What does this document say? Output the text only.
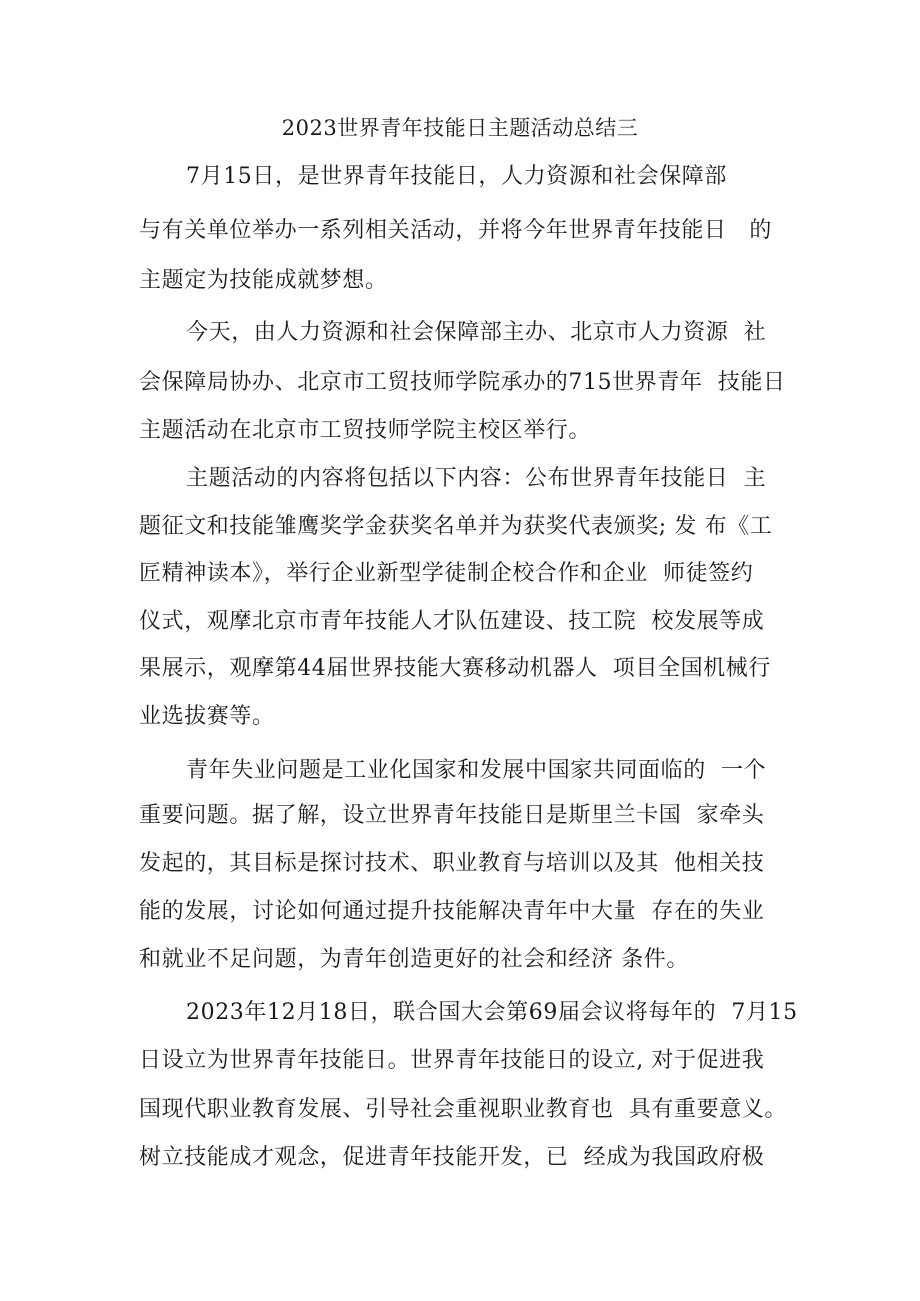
2023世界青年技能日主题活动总结三
7月15日，是世界青年技能日，人力资源和社会保障部
与有关单位举办一系列相关活动，并将今年世界青年技能日   的
主题定为技能成就梦想。
今天，由人力资源和社会保障部主办、北京市人力资源  社
会保障局协办、北京市工贸技师学院承办的715世界青年  技能日
主题活动在北京市工贸技师学院主校区举行。
主题活动的内容将包括以下内容：公布世界青年技能日  主
题征文和技能雏鹰奖学金获奖名单并为获奖代表颁奖; 发 布《工
匠精神读本》，举行企业新型学徒制企校合作和企业  师徒签约
仪式，观摩北京市青年技能人才队伍建设、技工院  校发展等成
果展示，观摩第44届世界技能大赛移动机器人  项目全国机械行
业选拔赛等。
青年失业问题是工业化国家和发展中国家共同面临的  一个
重要问题。据了解，设立世界青年技能日是斯里兰卡国  家牵头
发起的，其目标是探讨技术、职业教育与培训以及其  他相关技
能的发展，讨论如何通过提升技能解决青年中大量  存在的失业
和就业不足问题，为青年创造更好的社会和经济 条件。
2023年12月18日，联合国大会第69届会议将每年的  7月15
日设立为世界青年技能日。世界青年技能日的设立, 对于促进我
国现代职业教育发展、引导社会重视职业教育也  具有重要意义。
树立技能成才观念，促进青年技能开发，已  经成为我国政府极
